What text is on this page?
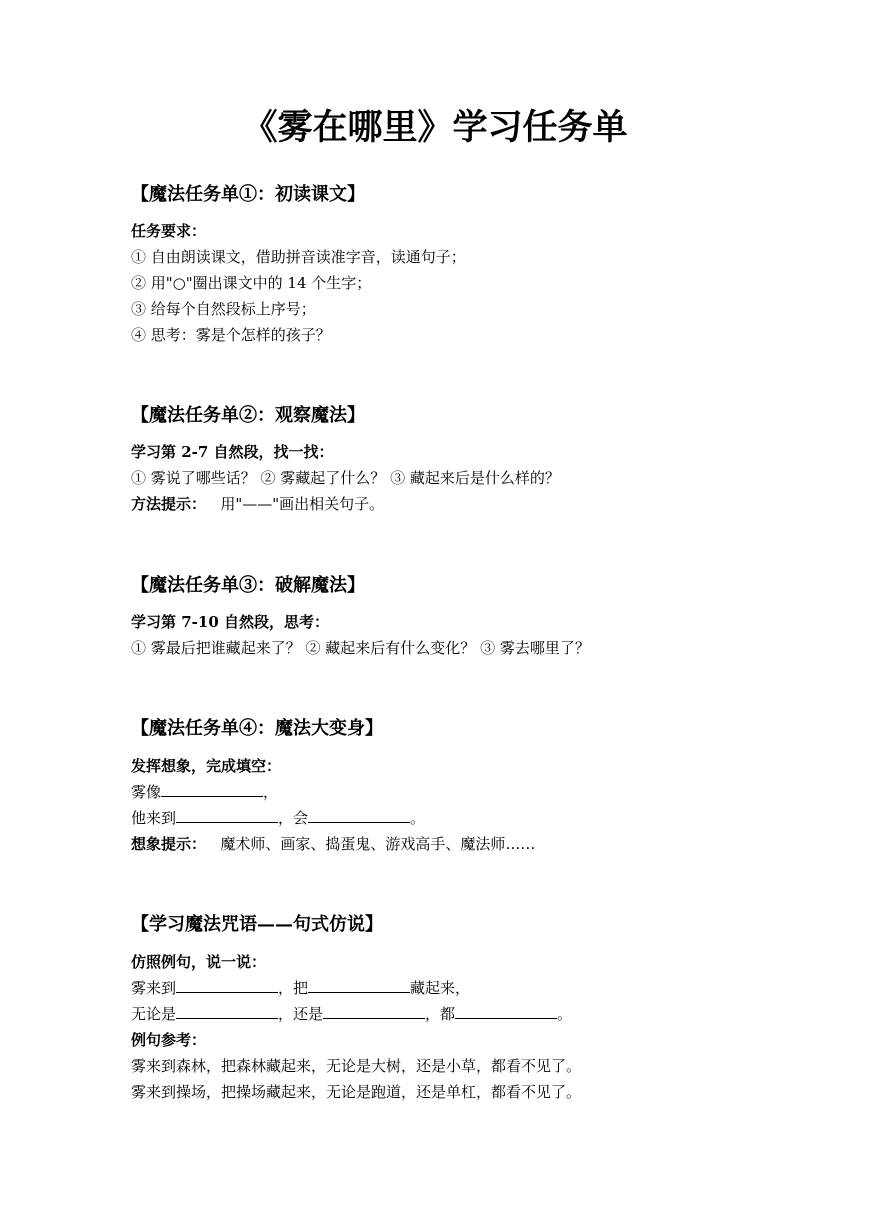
《雾在哪里》学习任务单
【魔法任务单①：初读课文】
任务要求：
① 自由朗读课文，借助拼音读准字音，读通句子；
② 用"○"圈出课文中的 14 个生字；
③ 给每个自然段标上序号；
④ 思考：雾是个怎样的孩子？
【魔法任务单②：观察魔法】
学习第 2-7 自然段，找一找：
① 雾说了哪些话？ ② 雾藏起了什么？ ③ 藏起来后是什么样的？
方法提示： 用"——"画出相关句子。
【魔法任务单③：破解魔法】
学习第 7-10 自然段，思考：
① 雾最后把谁藏起来了？ ② 藏起来后有什么变化？ ③ 雾去哪里了？
【魔法任务单④：魔法大变身】
发挥想象，完成填空：
雾像	，
他来到	，会	。
想象提示： 魔术师、画家、捣蛋鬼、游戏高手、魔法师……
【学习魔法咒语——句式仿说】
仿照例句，说一说：
雾来到	，把	藏起来，
无论是	，还是	，都	。
例句参考：
雾来到森林，把森林藏起来，无论是大树，还是小草，都看不见了。
雾来到操场，把操场藏起来，无论是跑道，还是单杠，都看不见了。
